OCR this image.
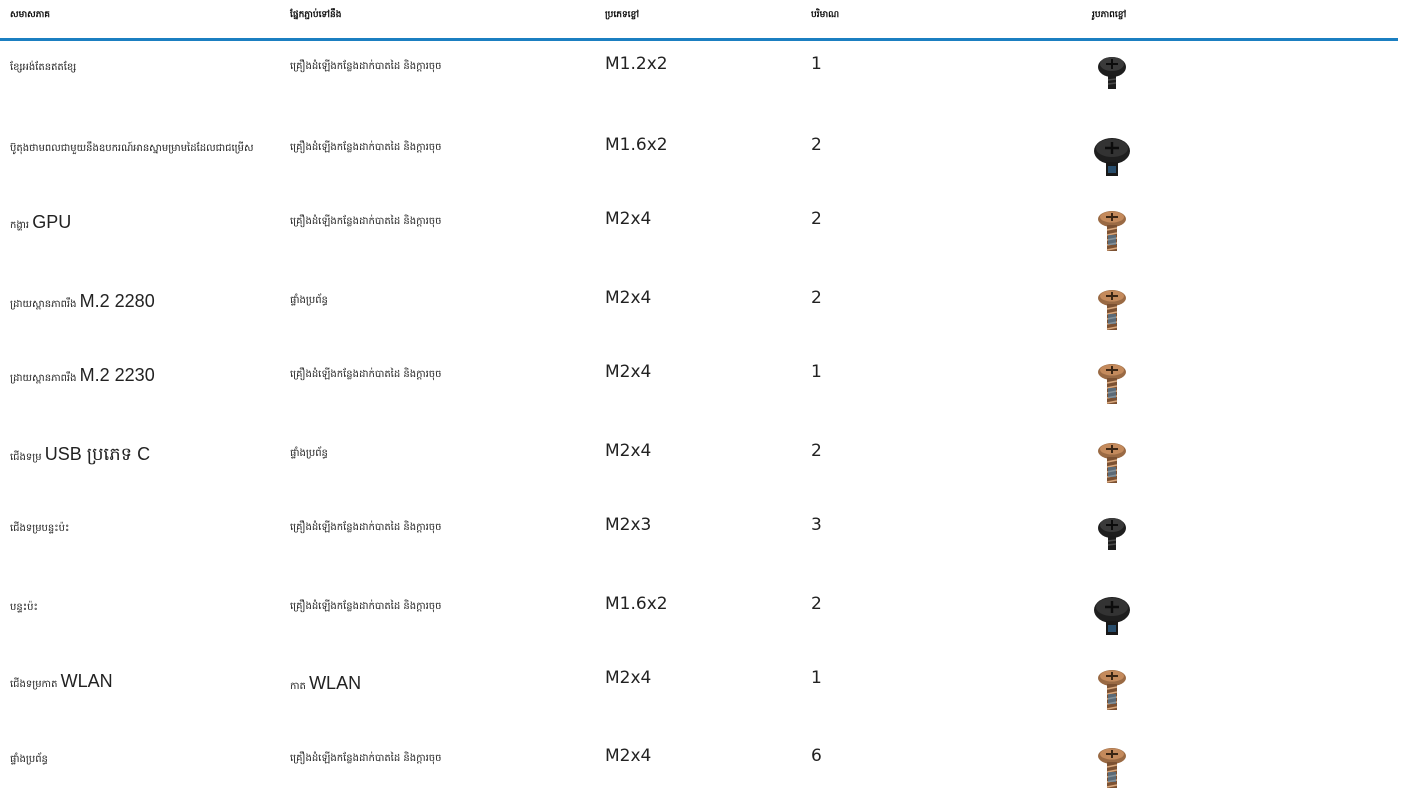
សមាសភាគ	ផ្នែកភ្ជាប់ទៅនឹង	ប្រភេទខ្ចៅ	បរិមាណ	រូបភាពខ្ចៅ
ខ្សែអង់តែនឥតខ្សែ	គ្រឿងដំឡើងកន្លែងដាក់បាតដៃ និងក្តារចុច	M1.2x2	1
ប៊ូតុងថាមពលជាមួយនឹងឧបករណ៍អានស្នាមម្រាមដៃដែលជាជម្រើស	គ្រឿងដំឡើងកន្លែងដាក់បាតដៃ និងក្តារចុច	M1.6x2	2
កង្ហារ GPU	គ្រឿងដំឡើងកន្លែងដាក់បាតដៃ និងក្តារចុច	M2x4	2
ដ្រាយស្ពានភាពរឹង M.2 2280	ផ្ទាំងប្រព័ន្ធ	M2x4	2
ដ្រាយស្ពានភាពរឹង M.2 2230	គ្រឿងដំឡើងកន្លែងដាក់បាតដៃ និងក្តារចុច	M2x4	1
ជើងទម្រ USB ប្រភេទ C	ផ្ទាំងប្រព័ន្ធ	M2x4	2
ជើងទម្របន្ទះប៉ះ	គ្រឿងដំឡើងកន្លែងដាក់បាតដៃ និងក្តារចុច	M2x3	3
បន្ទះប៉ះ	គ្រឿងដំឡើងកន្លែងដាក់បាតដៃ និងក្តារចុច	M1.6x2	2
ជើងទម្រកាត WLAN	កាត WLAN	M2x4	1
ផ្ទាំងប្រព័ន្ធ	គ្រឿងដំឡើងកន្លែងដាក់បាតដៃ និងក្តារចុច	M2x4	6
